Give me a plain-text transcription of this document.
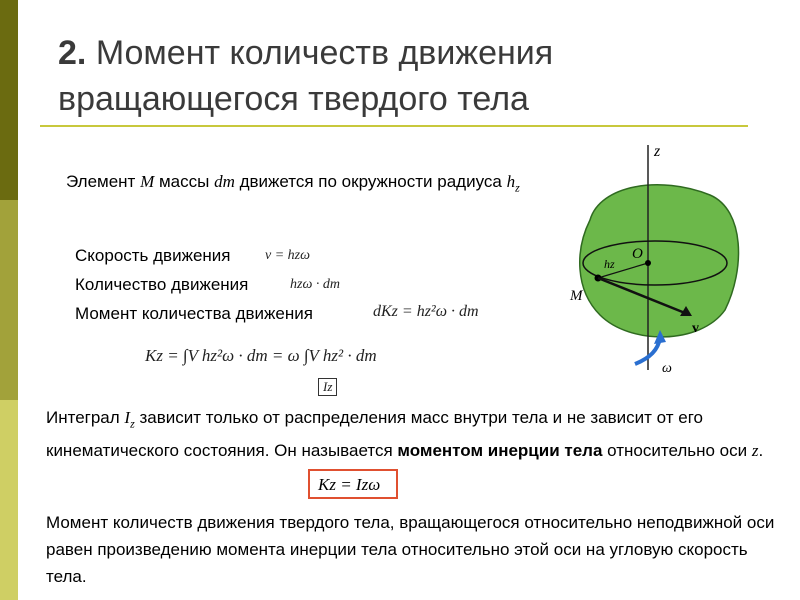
2. Момент количеств движения
вращающегося твердого тела
Элемент M массы dm движется по окружности радиуса $h_z$
Скорость движения v = hzω
Количество движения	hzω · dm
Момент количества движения	dKz = hz²ω · dm
Kz = ∫V hz²ω · dm = ω ∫V hz² · dm
Iz
Интеграл $I_z$ зависит только от распределения масс внутри тела и не зависит от его кинематического состояния. Он называется моментом инерции тела относительно оси z.
Kz = Izω
Момент количеств движения твердого тела, вращающегося относительно неподвижной оси равен произведению момента инерции тела относительно этой оси на угловую скорость тела.
z
O
M
hz
v
ω
